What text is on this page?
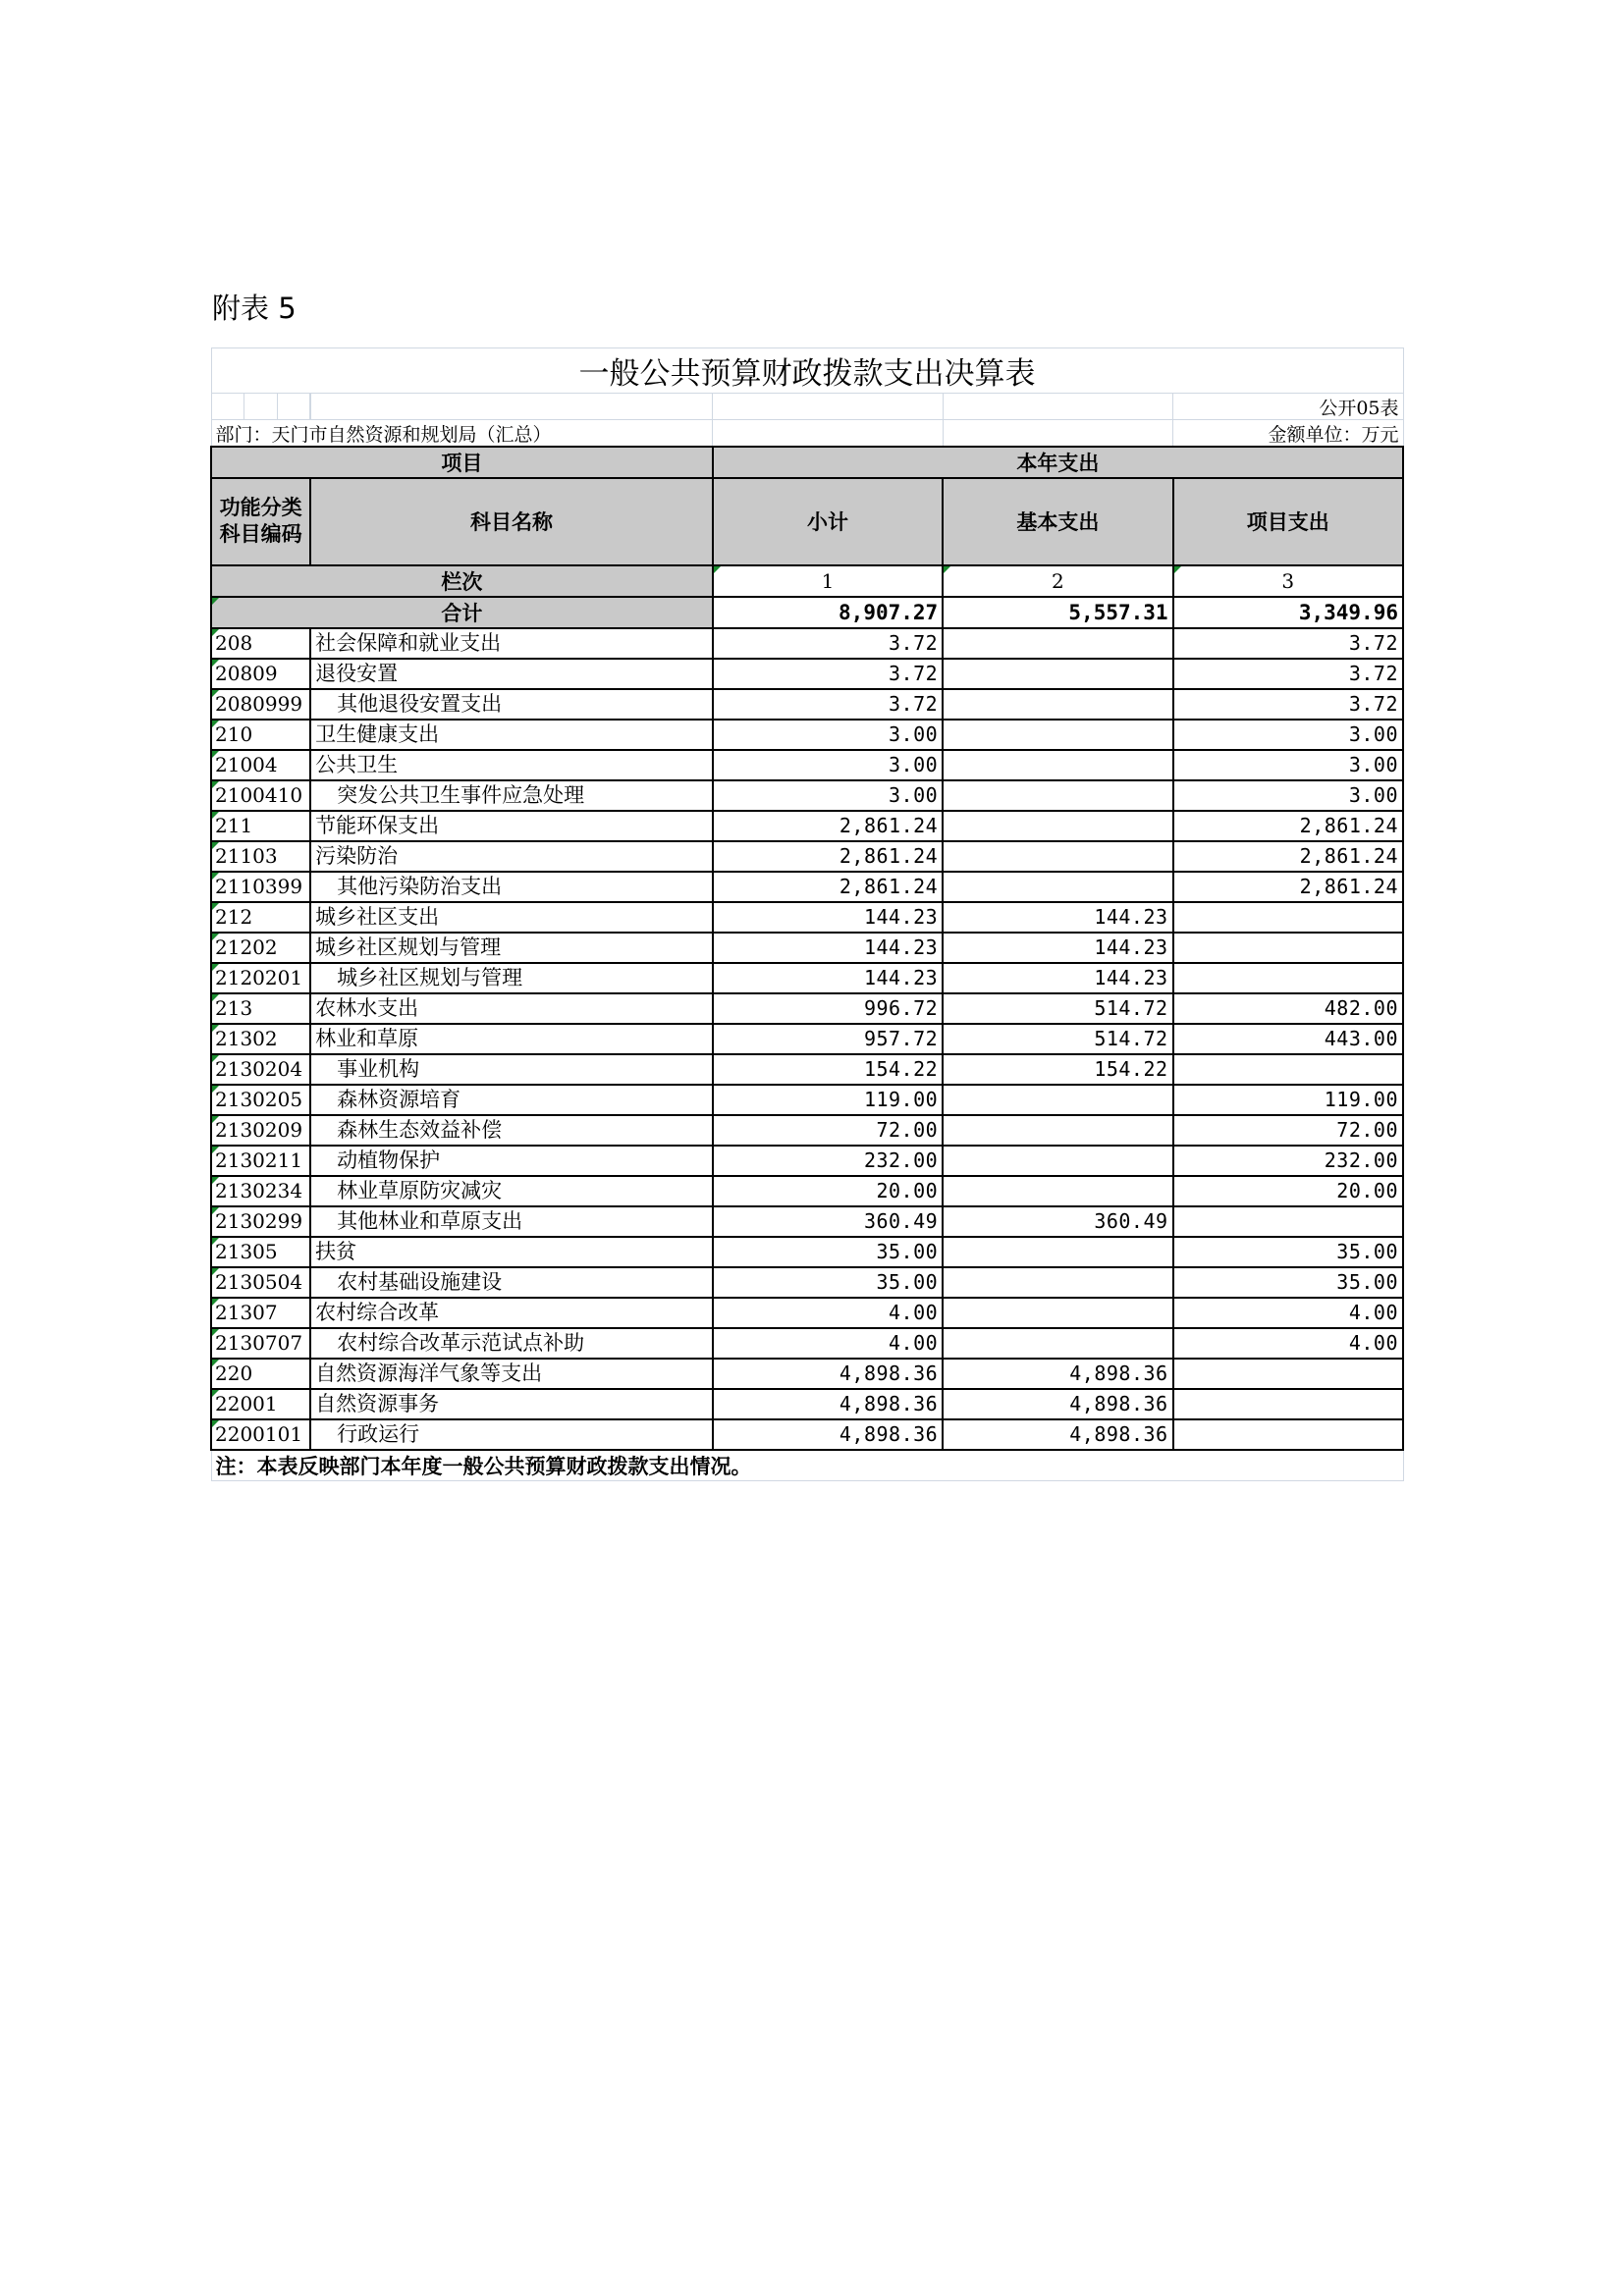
附表 5
一般公共预算财政拨款支出决算表				

				公开05表
部门：天门市自然资源和规划局（汇总）				金额单位：万元
项目		本年支出		
功能分类科目编码	科目名称	小计	基本支出	项目支出
栏次		1	2	3
合计		8,907.27	5,557.31	3,349.96
208	社会保障和就业支出	3.72		3.72
20809	退役安置	3.72		3.72
2080999	其他退役安置支出	3.72		3.72
210	卫生健康支出	3.00		3.00
21004	公共卫生	3.00		3.00
2100410	突发公共卫生事件应急处理	3.00		3.00
211	节能环保支出	2,861.24		2,861.24
21103	污染防治	2,861.24		2,861.24
2110399	其他污染防治支出	2,861.24		2,861.24
212	城乡社区支出	144.23	144.23	
21202	城乡社区规划与管理	144.23	144.23	
2120201	城乡社区规划与管理	144.23	144.23	
213	农林水支出	996.72	514.72	482.00
21302	林业和草原	957.72	514.72	443.00
2130204	事业机构	154.22	154.22	
2130205	森林资源培育	119.00		119.00
2130209	森林生态效益补偿	72.00		72.00
2130211	动植物保护	232.00		232.00
2130234	林业草原防灾减灾	20.00		20.00
2130299	其他林业和草原支出	360.49	360.49	
21305	扶贫	35.00		35.00
2130504	农村基础设施建设	35.00		35.00
21307	农村综合改革	4.00		4.00
2130707	农村综合改革示范试点补助	4.00		4.00
220	自然资源海洋气象等支出	4,898.36	4,898.36	
22001	自然资源事务	4,898.36	4,898.36	
2200101	行政运行	4,898.36	4,898.36	
注：本表反映部门本年度一般公共预算财政拨款支出情况。				
